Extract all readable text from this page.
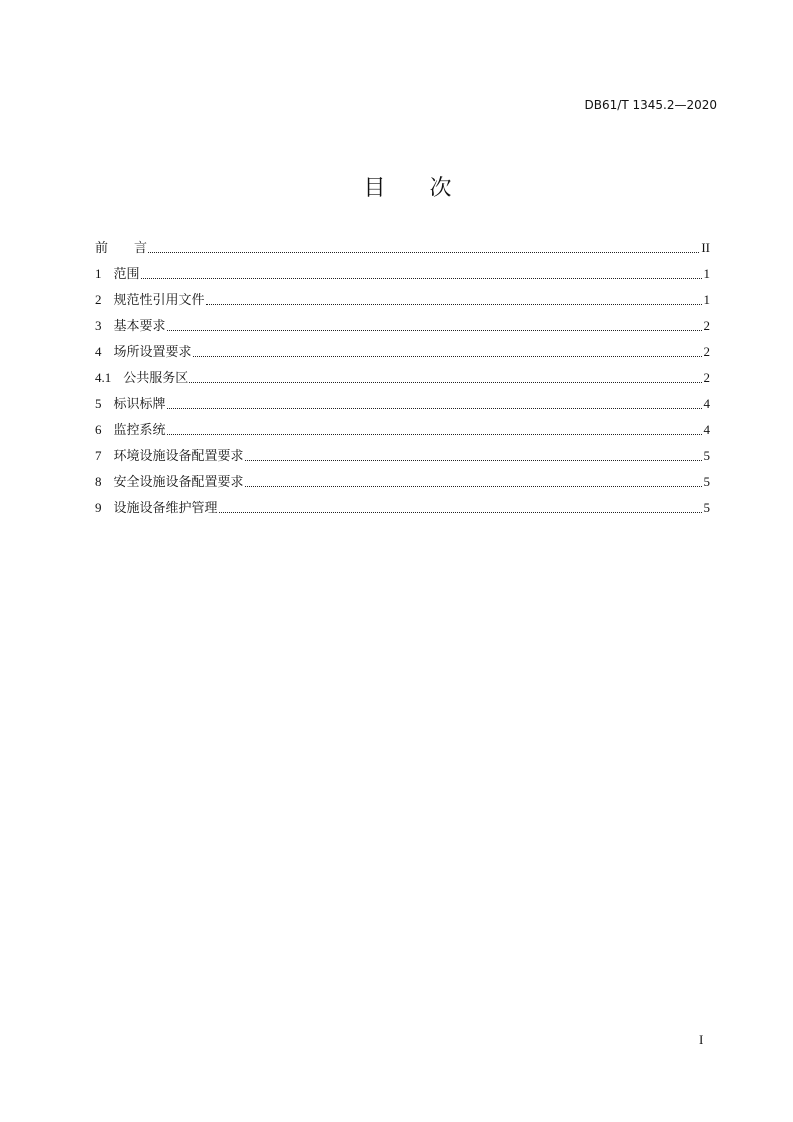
DB61/T 1345.2—2020
目　　次
前　　言	II
1 范围	1
2 规范性引用文件	1
3 基本要求	2
4 场所设置要求	2
4.1 公共服务区	2
5 标识标牌	4
6 监控系统	4
7 环境设施设备配置要求	5
8 安全设施设备配置要求	5
9 设施设备维护管理	5
I
